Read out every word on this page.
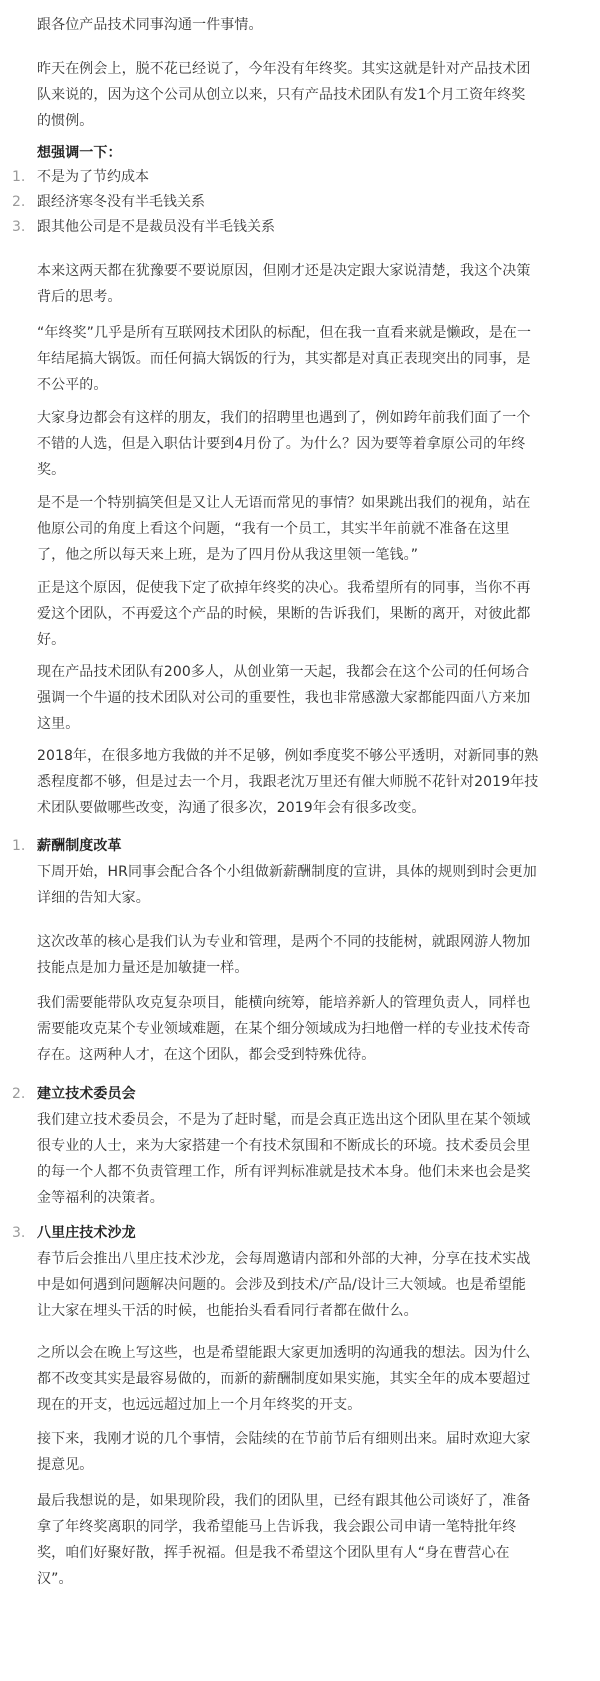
跟各位产品技术同事沟通一件事情。
昨天在例会上，脱不花已经说了，今年没有年终奖。其实这就是针对产品技术团
队来说的，因为这个公司从创立以来，只有产品技术团队有发1个月工资年终奖
的惯例。
想强调一下：
1. 不是为了节约成本
2. 跟经济寒冬没有半毛钱关系
3. 跟其他公司是不是裁员没有半毛钱关系
本来这两天都在犹豫要不要说原因，但刚才还是决定跟大家说清楚，我这个决策
背后的思考。
“年终奖”几乎是所有互联网技术团队的标配，但在我一直看来就是懒政，是在一
年结尾搞大锅饭。而任何搞大锅饭的行为，其实都是对真正表现突出的同事，是
不公平的。
大家身边都会有这样的朋友，我们的招聘里也遇到了，例如跨年前我们面了一个
不错的人选，但是入职估计要到4月份了。为什么？因为要等着拿原公司的年终
奖。
是不是一个特别搞笑但是又让人无语而常见的事情？如果跳出我们的视角，站在
他原公司的角度上看这个问题，“我有一个员工，其实半年前就不准备在这里
了，他之所以每天来上班，是为了四月份从我这里领一笔钱。”
正是这个原因，促使我下定了砍掉年终奖的决心。我希望所有的同事，当你不再
爱这个团队，不再爱这个产品的时候，果断的告诉我们，果断的离开，对彼此都
好。
现在产品技术团队有200多人，从创业第一天起，我都会在这个公司的任何场合
强调一个牛逼的技术团队对公司的重要性，我也非常感激大家都能四面八方来加
这里。
2018年，在很多地方我做的并不足够，例如季度奖不够公平透明，对新同事的熟
悉程度都不够，但是过去一个月，我跟老沈万里还有催大师脱不花针对2019年技
术团队要做哪些改变，沟通了很多次，2019年会有很多改变。
1. 薪酬制度改革
下周开始，HR同事会配合各个小组做新薪酬制度的宣讲，具体的规则到时会更加
详细的告知大家。
这次改革的核心是我们认为专业和管理，是两个不同的技能树，就跟网游人物加
技能点是加力量还是加敏捷一样。
我们需要能带队攻克复杂项目，能横向统筹，能培养新人的管理负责人，同样也
需要能攻克某个专业领域难题，在某个细分领域成为扫地僧一样的专业技术传奇
存在。这两种人才，在这个团队，都会受到特殊优待。
2. 建立技术委员会
我们建立技术委员会，不是为了赶时髦，而是会真正选出这个团队里在某个领域
很专业的人士，来为大家搭建一个有技术氛围和不断成长的环境。技术委员会里
的每一个人都不负责管理工作，所有评判标准就是技术本身。他们未来也会是奖
金等福利的决策者。
3. 八里庄技术沙龙
春节后会推出八里庄技术沙龙，会每周邀请内部和外部的大神，分享在技术实战
中是如何遇到问题解决问题的。会涉及到技术/产品/设计三大领域。也是希望能
让大家在埋头干活的时候，也能抬头看看同行者都在做什么。
之所以会在晚上写这些，也是希望能跟大家更加透明的沟通我的想法。因为什么
都不改变其实是最容易做的，而新的薪酬制度如果实施，其实全年的成本要超过
现在的开支，也远远超过加上一个月年终奖的开支。
接下来，我刚才说的几个事情，会陆续的在节前节后有细则出来。届时欢迎大家
提意见。
最后我想说的是，如果现阶段，我们的团队里，已经有跟其他公司谈好了，准备
拿了年终奖离职的同学，我希望能马上告诉我，我会跟公司申请一笔特批年终
奖，咱们好聚好散，挥手祝福。但是我不希望这个团队里有人“身在曹营心在
汉”。
